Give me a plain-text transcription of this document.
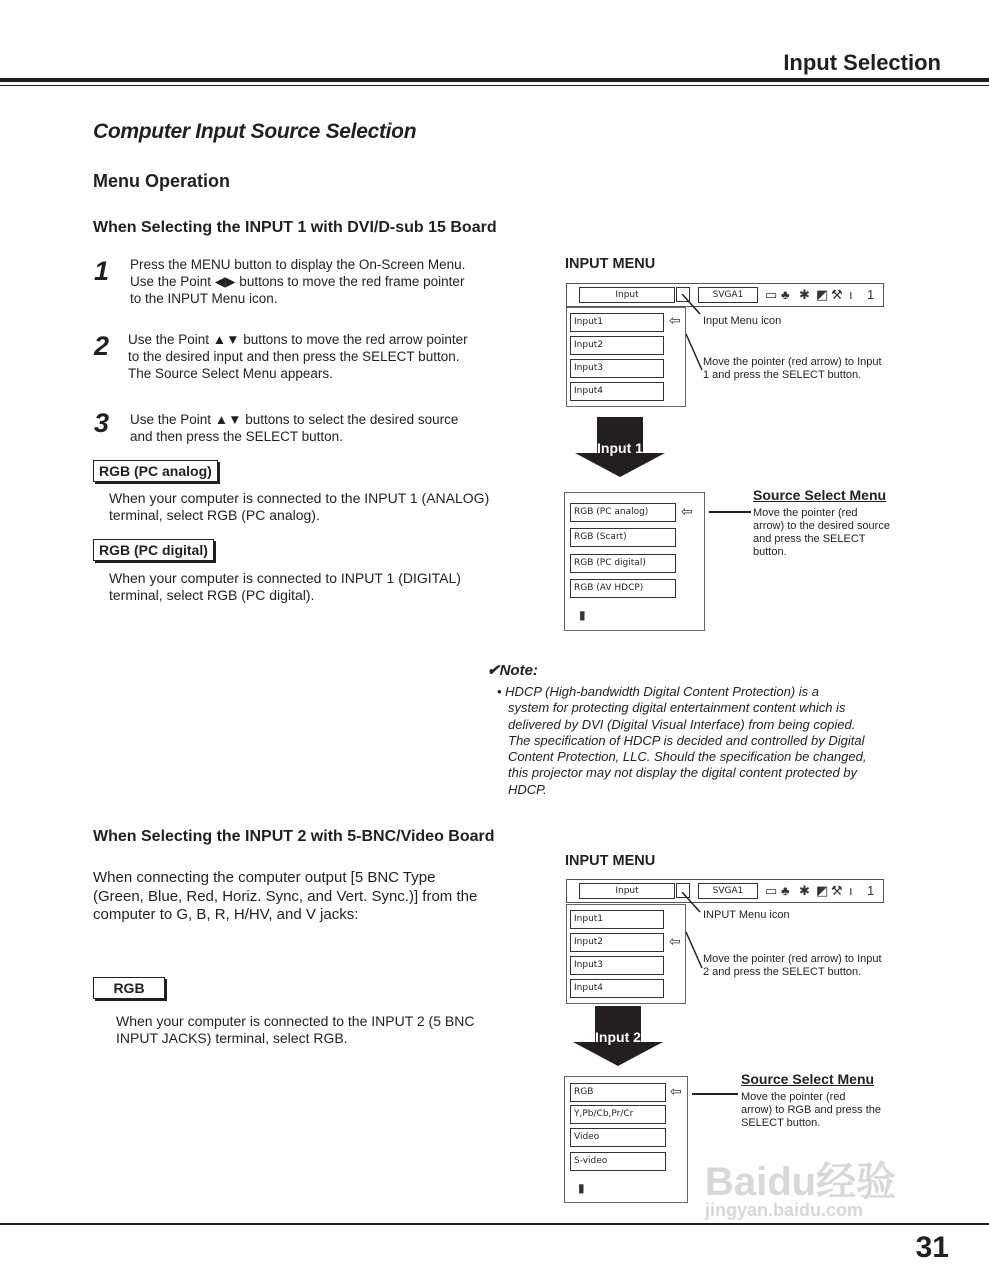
Input Selection
Computer Input Source Selection
Menu Operation
When Selecting the INPUT 1 with DVI/D-sub 15 Board
1 Press the MENU button to display the On-Screen Menu.
Use the Point ◀▶ buttons to move the red frame pointer
to the INPUT Menu icon.
2 Use the Point ▲▼ buttons to move the red arrow pointer
to the desired input and then press the SELECT button.
The Source Select Menu appears.
3 Use the Point ▲▼ buttons to select the desired source
and then press the SELECT button.
RGB (PC analog)
When your computer is connected to the INPUT 1 (ANALOG)
terminal, select RGB (PC analog).
RGB (PC digital)
When your computer is connected to INPUT 1 (DIGITAL)
terminal, select RGB (PC digital).
INPUT MENU
Input	SVGA1	▭ ♣ ✱ ◩ ⚒ ı 1
Input1
Input2
Input3
Input4
⇦ Input Menu icon
Move the pointer (red arrow) to Input
1 and press the SELECT button.
Input 1
RGB (PC analog)
RGB (Scart)
RGB (PC digital)
RGB (AV HDCP)
⇦
▮
Source Select Menu
Move the pointer (red
arrow) to the desired source
and press the SELECT
button.
✔Note:
• HDCP (High-bandwidth Digital Content Protection) is a
system for protecting digital entertainment content which is
delivered by DVI (Digital Visual Interface) from being copied.
The specification of HDCP is decided and controlled by Digital
Content Protection, LLC. Should the specification be changed,
this projector may not display the digital content protected by
HDCP.
When Selecting the INPUT 2 with 5-BNC/Video Board
When connecting the computer output [5 BNC Type
(Green, Blue, Red, Horiz. Sync, and Vert. Sync.)] from the
computer to G, B, R, H/HV, and V jacks:
RGB
When your computer is connected to the INPUT 2 (5 BNC
INPUT JACKS) terminal, select RGB.
INPUT MENU
Input	SVGA1	▭ ♣ ✱ ◩ ⚒ ı 1
Input1
Input2
Input3
Input4
⇦
INPUT Menu icon
Move the pointer (red arrow) to Input
2 and press the SELECT button.
Input 2
RGB
Y,Pb/Cb,Pr/Cr
Video
S-video
⇦
▮
Source Select Menu
Move the pointer (red
arrow) to RGB and press the
SELECT button.
Baidu经验
jingyan.baidu.com
31
